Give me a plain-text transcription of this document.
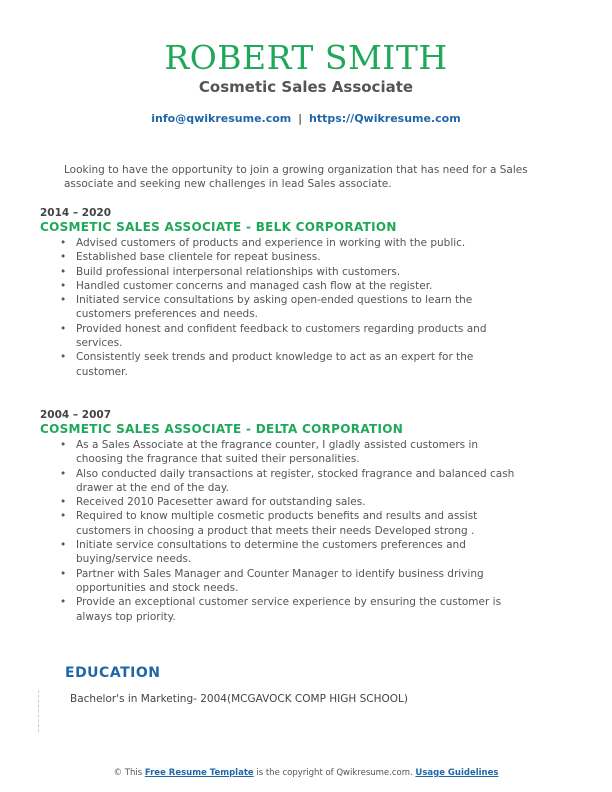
ROBERT SMITH
Cosmetic Sales Associate
info@qwikresume.com | https://Qwikresume.com
Looking to have the opportunity to join a growing organization that has need for a Sales associate and seeking new challenges in lead Sales associate.
2014 – 2020
COSMETIC SALES ASSOCIATE - BELK CORPORATION
• Advised customers of products and experience in working with the public.
• Established base clientele for repeat business.
• Build professional interpersonal relationships with customers.
• Handled customer concerns and managed cash flow at the register.
• Initiated service consultations by asking open-ended questions to learn the customers preferences and needs.
• Provided honest and confident feedback to customers regarding products and services.
• Consistently seek trends and product knowledge to act as an expert for the customer.
2004 – 2007
COSMETIC SALES ASSOCIATE - DELTA CORPORATION
• As a Sales Associate at the fragrance counter, I gladly assisted customers in choosing the fragrance that suited their personalities.
• Also conducted daily transactions at register, stocked fragrance and balanced cash drawer at the end of the day.
• Received 2010 Pacesetter award for outstanding sales.
• Required to know multiple cosmetic products benefits and results and assist customers in choosing a product that meets their needs Developed strong .
• Initiate service consultations to determine the customers preferences and buying/service needs.
• Partner with Sales Manager and Counter Manager to identify business driving opportunities and stock needs.
• Provide an exceptional customer service experience by ensuring the customer is always top priority.
EDUCATION
Bachelor's in Marketing- 2004(MCGAVOCK COMP HIGH SCHOOL)
© This Free Resume Template is the copyright of Qwikresume.com. Usage Guidelines
